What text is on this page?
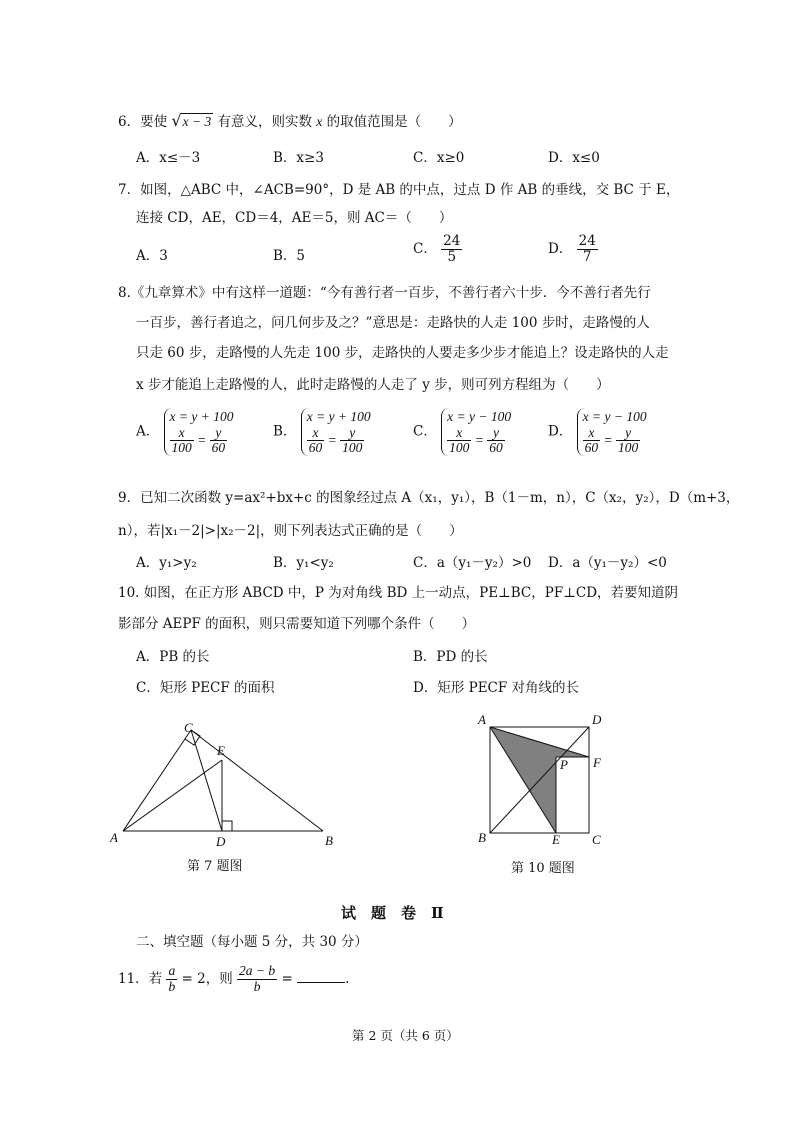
6．要使 √x − 3 有意义，则实数 x 的取值范围是（　　）
A．x≤－3	B．x≥3	C．x≥0	D．x≤0
7．如图，△ABC 中，∠ACB=90°，D 是 AB 的中点，过点 D 作 AB 的垂线，交 BC 于 E，
连接 CD，AE，CD＝4，AE＝5，则 AC＝（　　）
A．3	B．5	C． $\frac{24}{5}$	D． $\frac{24}{7}$
8.《九章算术》中有这样一道题：“今有善行者一百步，不善行者六十步．今不善行者先行
一百步，善行者追之，问几何步及之？”意思是：走路快的人走 100 步时，走路慢的人
只走 60 步，走路慢的人先走 100 步，走路快的人要走多少步才能追上？设走路快的人走
x 步才能追上走路慢的人，此时走路慢的人走了 y 步，则可列方程组为（　　）
A．
x = y + 100
$\frac{x}{100} = \frac{y}{60}$	B．
x = y + 100
$\frac{x}{60} = \frac{y}{100}$	C．
x = y − 100
$\frac{x}{100} = \frac{y}{60}$	D．
x = y − 100
$\frac{x}{60} = \frac{y}{100}$
9．已知二次函数 y=ax²+bx+c 的图象经过点 A（x₁，y₁），B（1－m，n），C（x₂，y₂），D（m+3，
n），若|x₁－2|>|x₂－2|，则下列表达式正确的是（　　）
A．y₁>y₂	B．y₁<y₂	C．a（y₁－y₂）>0 D．a（y₁－y₂）<0
10. 如图，在正方形 ABCD 中，P 为对角线 BD 上一动点，PE⊥BC，PF⊥CD，若要知道阴
影部分 AEPF 的面积，则只需要知道下列哪个条件（　　）
A．PB 的长	B．PD 的长
C．矩形 PECF 的面积	D．矩形 PECF 对角线的长
A	B
C
D
E
第 7 题图
A	D
B	C
E
F
P
第 10 题图
试　题　卷　Ⅱ
二、填空题（每小题 5 分，共 30 分）
11．若 $\frac{a}{b} = 2$，则 $\frac{2a - b}{b}$ =	.
第 2 页（共 6 页）
